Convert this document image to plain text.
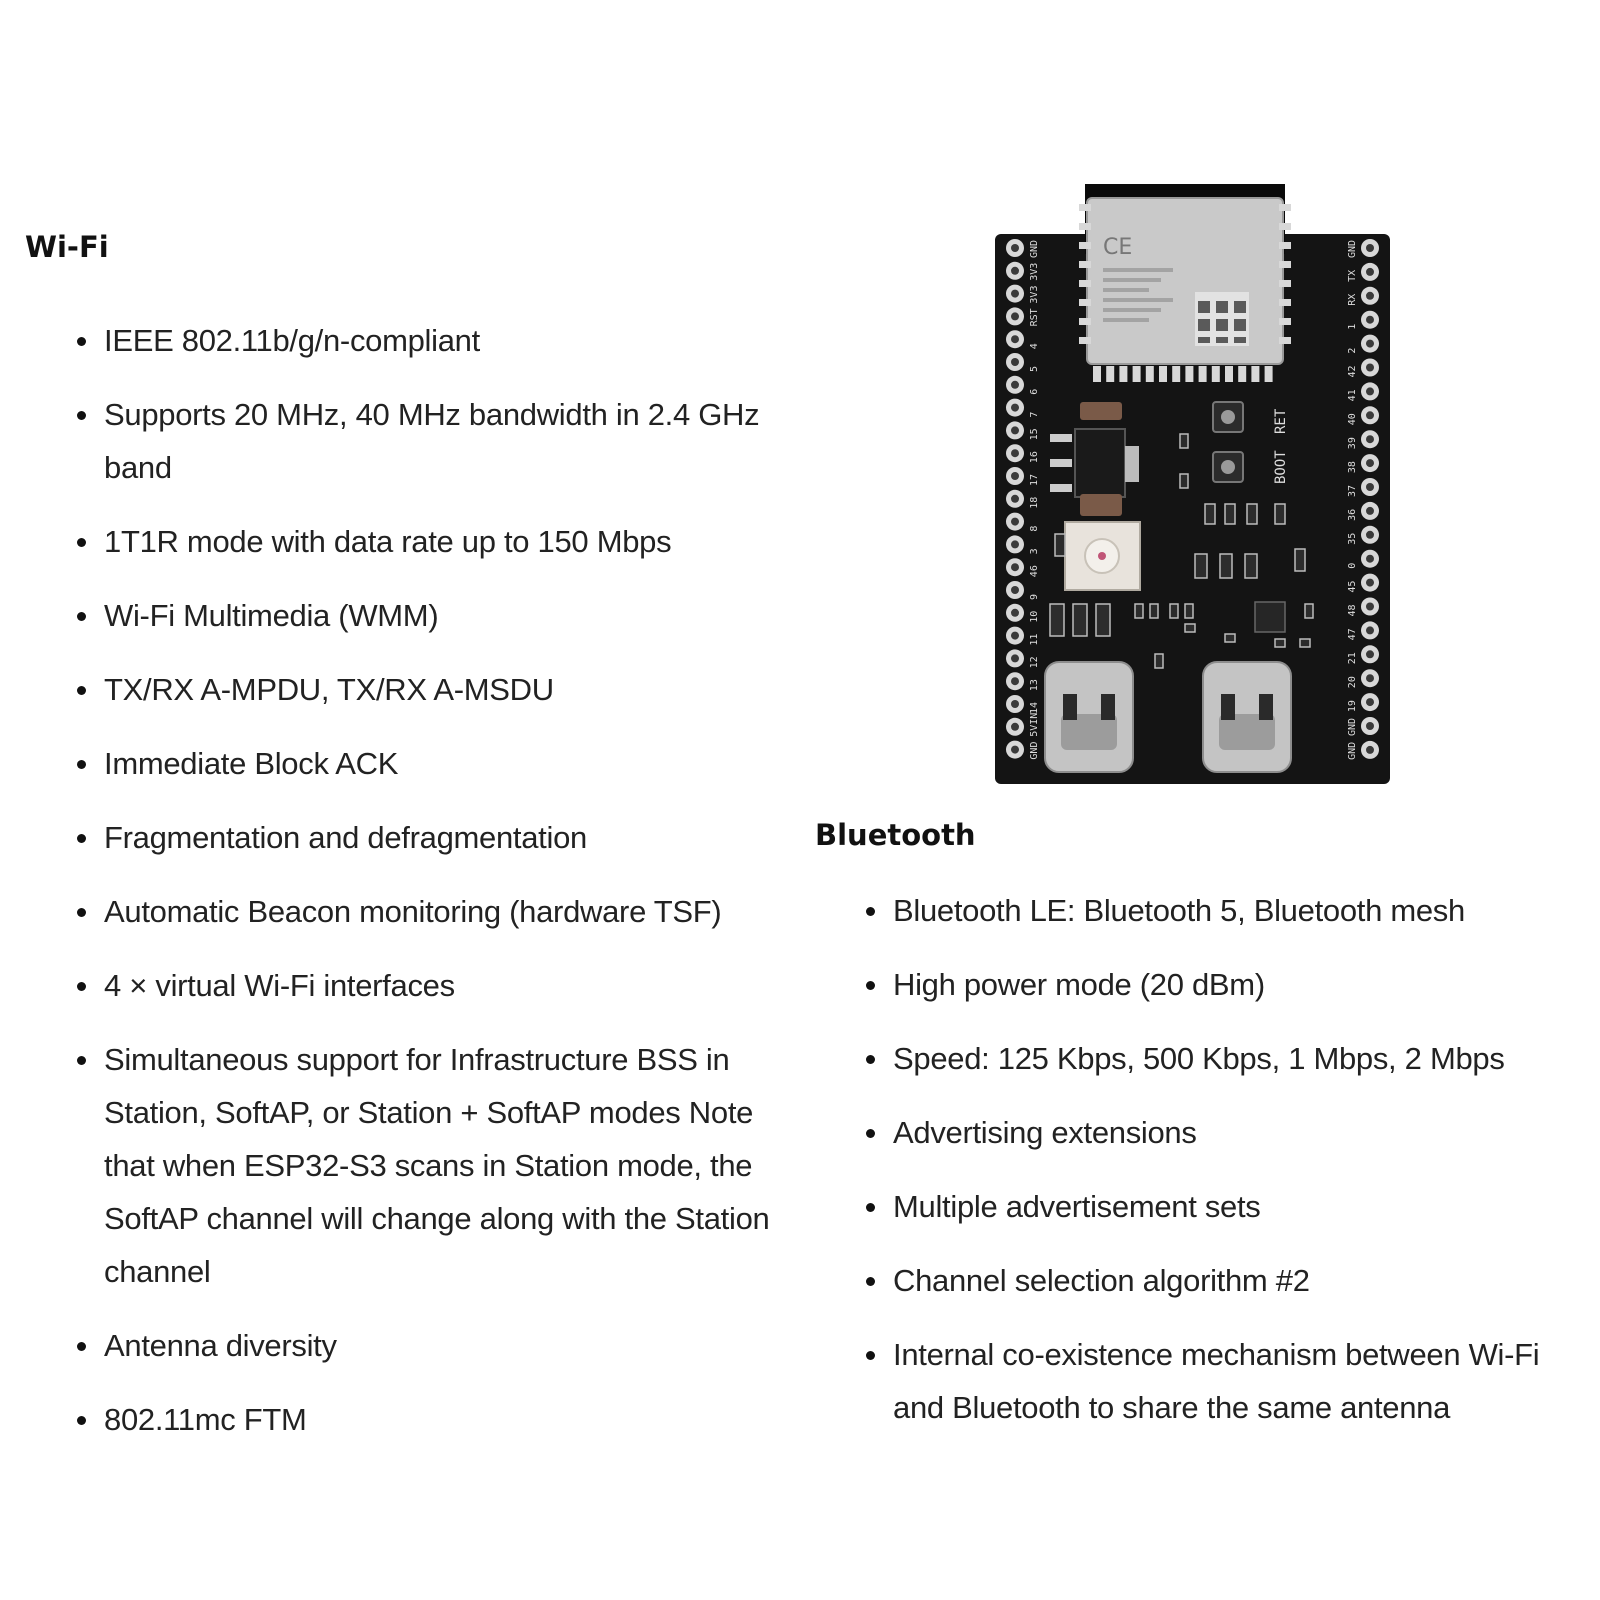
Wi-Fi
IEEE 802.11b/g/n-compliant
Supports 20 MHz, 40 MHz bandwidth in 2.4 GHz band
1T1R mode with data rate up to 150 Mbps
Wi-Fi Multimedia (WMM)
TX/RX A-MPDU, TX/RX A-MSDU
Immediate Block ACK
Fragmentation and defragmentation
Automatic Beacon monitoring (hardware TSF)
4 × virtual Wi-Fi interfaces
Simultaneous support for Infrastructure BSS in Station, SoftAP, or Station + SoftAP modes Note that when ESP32-S3 scans in Station mode, the SoftAP channel will change along with the Station channel
Antenna diversity
802.11mc FTM
Bluetooth
Bluetooth LE: Bluetooth 5, Bluetooth mesh
High power mode (20 dBm)
Speed: 125 Kbps, 500 Kbps, 1 Mbps, 2 Mbps
Advertising extensions
Multiple advertisement sets
Channel selection algorithm #2
Internal co-existence mechanism between Wi-Fi and Bluetooth to share the same antenna
CE
GND
3V3
3V3
RST
4
5
6
7
15
16
17
18
8
3
46
9
10
11
12
13
14
5VIN
GND
GND
TX
RX
1
2
42
41
40
39
38
37
36
35
0
45
48
47
21
20
19
GND
GND
BOOT
RET
